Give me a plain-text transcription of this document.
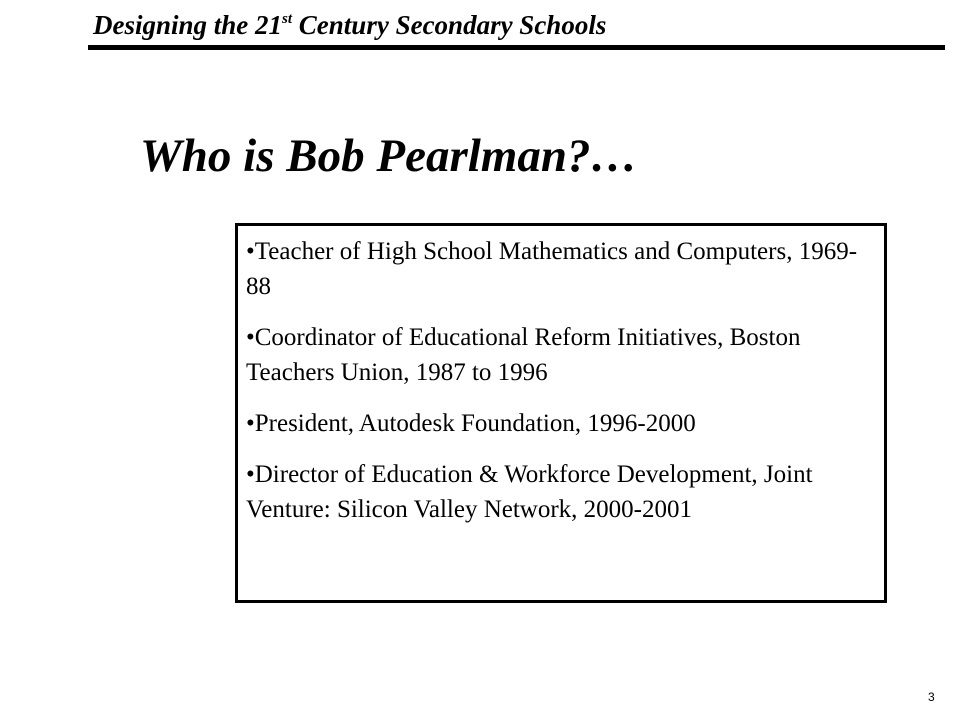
Designing the 21st Century Secondary Schools
Who is Bob Pearlman?…
•Teacher of High School Mathematics and Computers, 1969-88
•Coordinator of Educational Reform Initiatives, Boston Teachers Union, 1987 to 1996
•President, Autodesk Foundation, 1996-2000
•Director of Education & Workforce Development, Joint Venture: Silicon Valley Network, 2000-2001
3
